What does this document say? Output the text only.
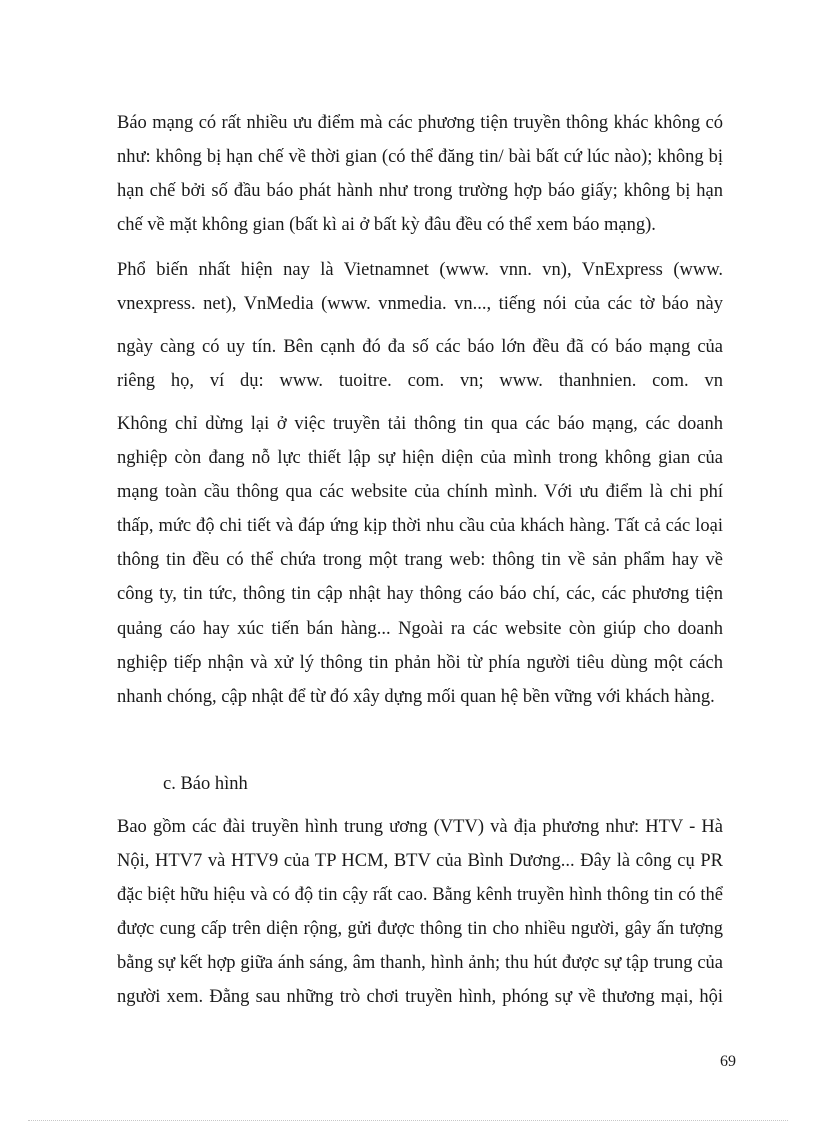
Báo mạng có rất nhiều ưu điểm mà các phương tiện truyền thông khác không có
như: không bị hạn chế về thời gian (có thể đăng tin/ bài bất cứ lúc nào); không bị
hạn chế bởi số đầu báo phát hành như trong trường hợp báo giấy; không bị hạn
chế về mặt không gian (bất kì ai ở bất kỳ đâu đều có thể xem báo mạng).
Phổ biến nhất hiện nay là Vietnamnet (www. vnn. vn), VnExpress (www.
vnexpress. net), VnMedia (www. vnmedia. vn..., tiếng nói của các tờ báo này
ngày càng có uy tín. Bên cạnh đó đa số các báo lớn đều đã có báo mạng của
riêng họ, ví dụ: www. tuoitre. com. vn; www. thanhnien. com. vn
Không chỉ dừng lại ở việc truyền tải thông tin qua các báo mạng, các doanh
nghiệp còn đang nỗ lực thiết lập sự hiện diện của mình trong không gian của
mạng toàn cầu thông qua các website của chính mình. Với ưu điểm là chi phí
thấp, mức độ chi tiết và đáp ứng kịp thời nhu cầu của khách hàng. Tất cả các loại
thông tin đều có thể chứa trong một trang web: thông tin về sản phẩm hay về
công ty, tin tức, thông tin cập nhật hay thông cáo báo chí, các, các phương tiện
quảng cáo hay xúc tiến bán hàng... Ngoài ra các website còn giúp cho doanh
nghiệp tiếp nhận và xử lý thông tin phản hồi từ phía người tiêu dùng một cách
nhanh chóng, cập nhật để từ đó xây dựng mối quan hệ bền vững với khách hàng.
c. Báo hình
Bao gồm các đài truyền hình trung ương (VTV) và địa phương như: HTV - Hà
Nội, HTV7 và HTV9 của TP HCM, BTV của Bình Dương... Đây là công cụ PR
đặc biệt hữu hiệu và có độ tin cậy rất cao. Bằng kênh truyền hình thông tin có thể
được cung cấp trên diện rộng, gửi được thông tin cho nhiều người, gây ấn tượng
bằng sự kết hợp giữa ánh sáng, âm thanh, hình ảnh; thu hút được sự tập trung của
người xem. Đằng sau những trò chơi truyền hình, phóng sự về thương mại, hội
69
